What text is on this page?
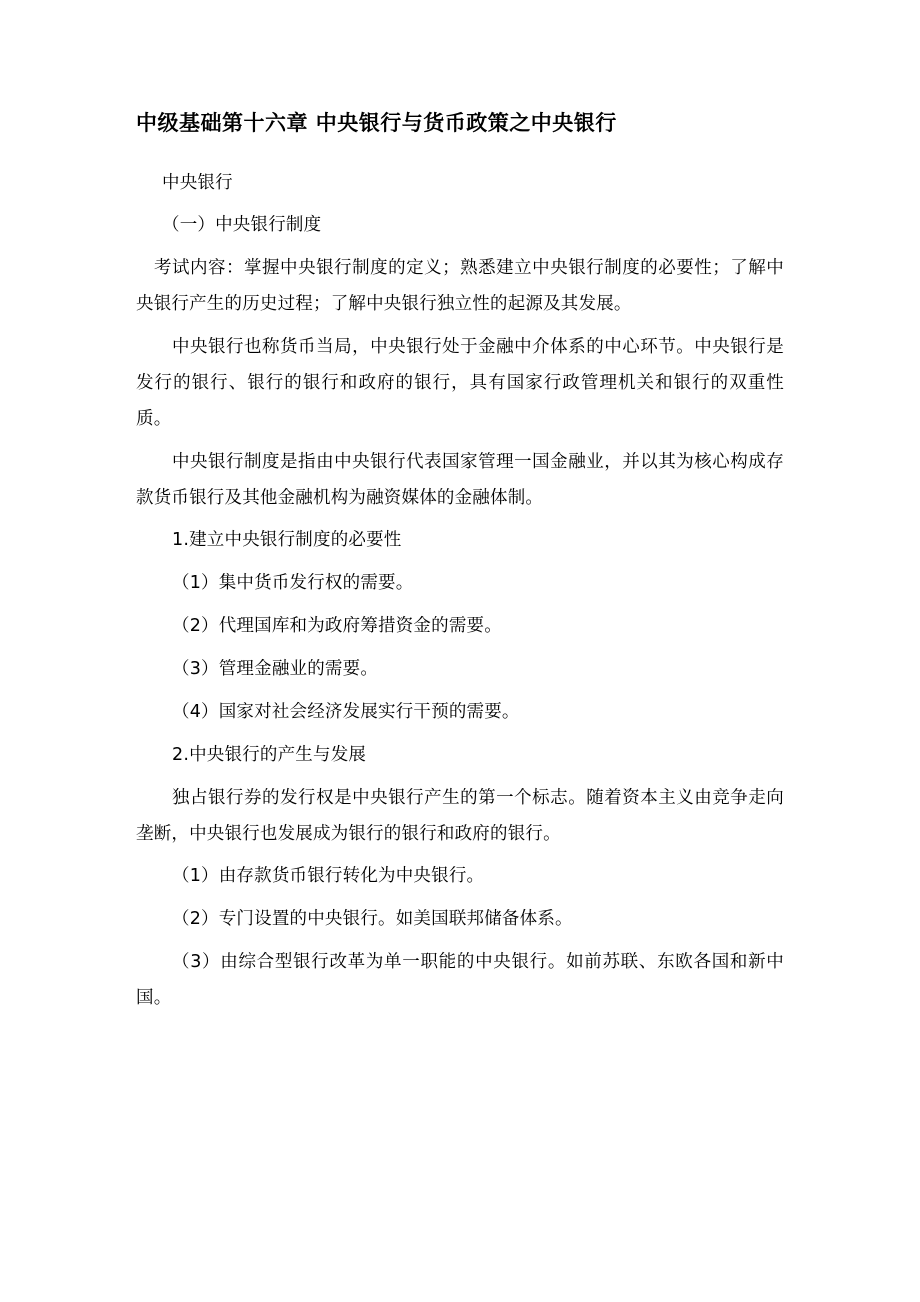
中级基础第十六章 中央银行与货币政策之中央银行

中央银行

（一）中央银行制度

考试内容：掌握中央银行制度的定义；熟悉建立中央银行制度的必要性；了解中央银行产生的历史过程；了解中央银行独立性的起源及其发展。

中央银行也称货币当局，中央银行处于金融中介体系的中心环节。中央银行是发行的银行、银行的银行和政府的银行，具有国家行政管理机关和银行的双重性质。

中央银行制度是指由中央银行代表国家管理一国金融业，并以其为核心构成存款货币银行及其他金融机构为融资媒体的金融体制。

1.建立中央银行制度的必要性

（1）集中货币发行权的需要。

（2）代理国库和为政府筹措资金的需要。

（3）管理金融业的需要。

（4）国家对社会经济发展实行干预的需要。

2.中央银行的产生与发展

独占银行券的发行权是中央银行产生的第一个标志。随着资本主义由竞争走向垄断，中央银行也发展成为银行的银行和政府的银行。

（1）由存款货币银行转化为中央银行。

（2）专门设置的中央银行。如美国联邦储备体系。

（3）由综合型银行改革为单一职能的中央银行。如前苏联、东欧各国和新中国。
